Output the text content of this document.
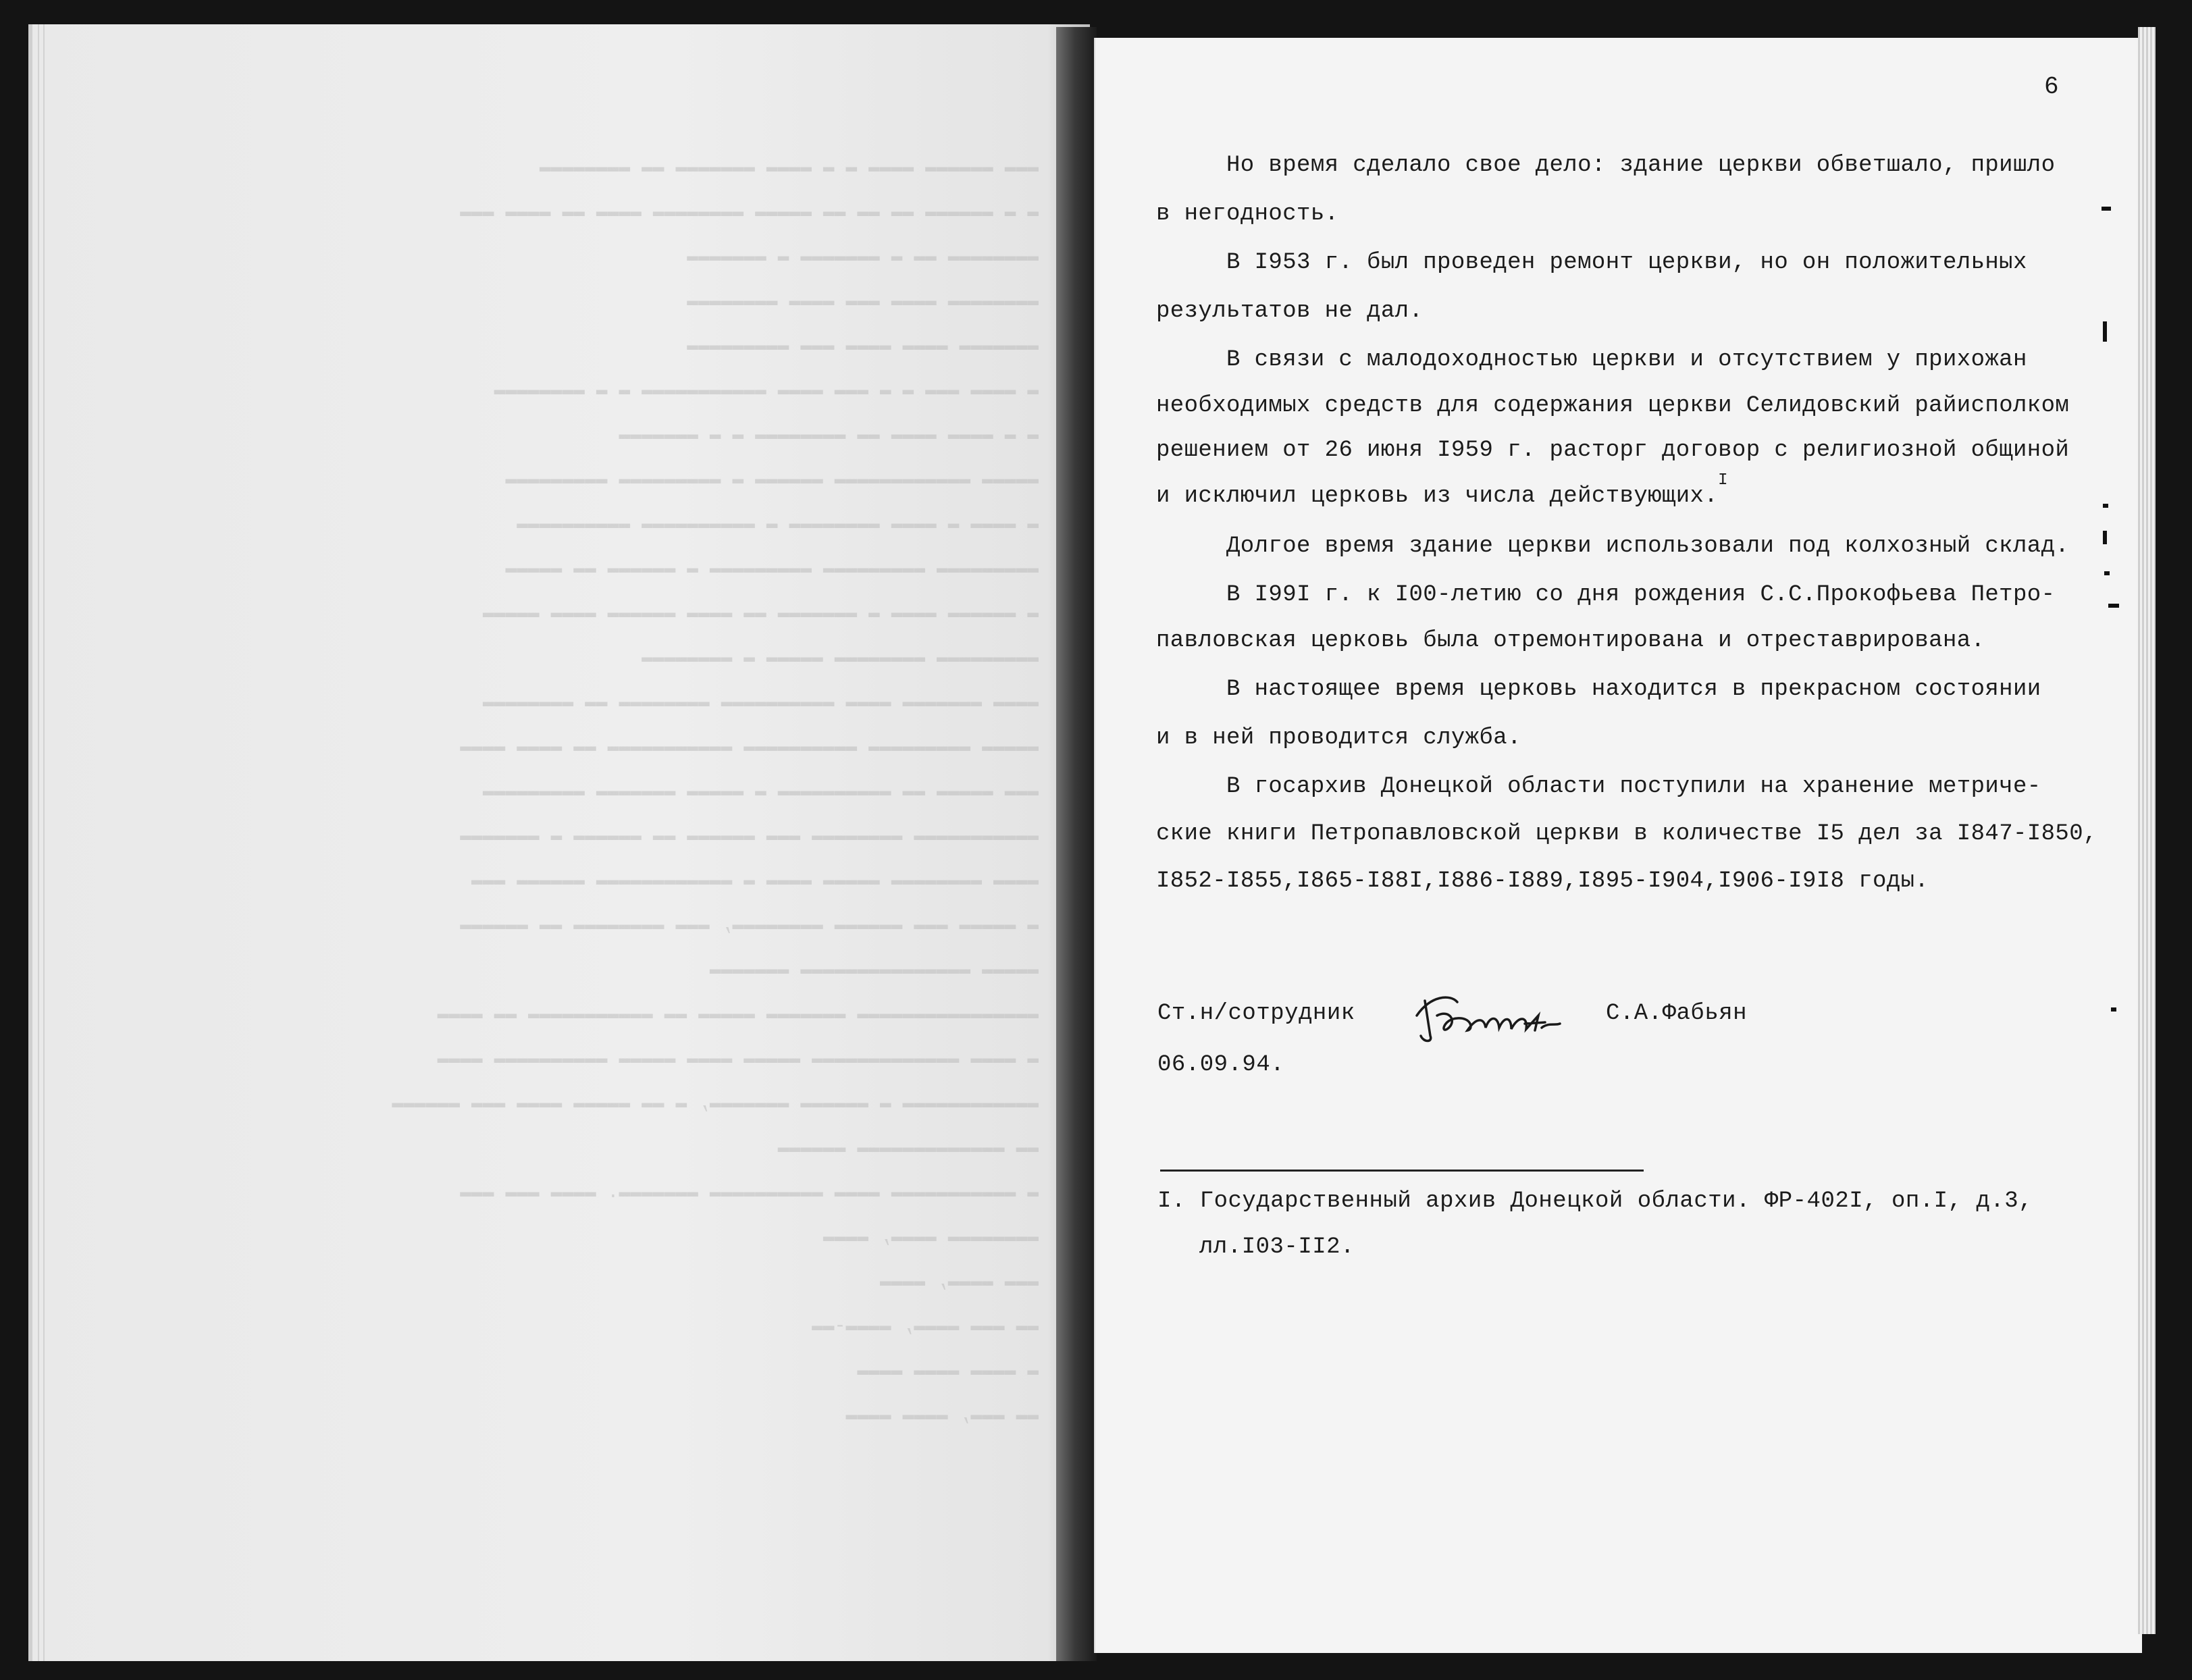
▬▬▬ ▬▬▬▬▬▬ ▬▬▬▬ ▬ ▬ ▬▬▬▬ ▬▬▬▬▬▬▬ ▬▬ ▬▬▬▬▬▬▬▬
▬ ▬ ▬▬▬▬▬▬ ▬▬ ▬▬ ▬▬ ▬▬▬▬▬ ▬▬▬▬▬▬▬▬ ▬▬▬▬ ▬▬ ▬▬▬▬ ▬▬▬
▬▬▬▬▬▬▬▬ ▬▬ ▬ ▬▬▬▬▬▬▬ ▬ ▬▬▬▬▬▬▬
▬▬▬▬▬▬▬▬ ▬▬▬▬ ▬▬▬ ▬▬▬▬ ▬▬▬▬▬▬▬▬
▬▬▬▬▬▬▬ ▬▬▬▬ ▬▬▬▬ ▬▬▬ ▬▬▬▬▬▬▬▬▬
▬ ▬▬▬▬ ▬▬▬ ▬ ▬ ▬▬▬ ▬▬▬▬ ▬▬▬▬▬▬▬▬▬▬▬ ▬ ▬ ▬▬▬▬▬▬▬▬
▬ ▬ ▬▬▬▬ ▬▬▬▬ ▬▬ ▬▬▬▬▬▬▬▬ ▬ ▬ ▬▬▬▬▬▬▬
▬▬▬▬▬ ▬▬▬▬▬▬▬▬▬▬▬▬ ▬▬▬▬▬▬ ▬ ▬▬▬▬▬▬▬▬▬ ▬▬▬▬▬▬▬▬▬
▬ ▬▬▬▬ ▬ ▬▬▬▬ ▬▬▬▬▬▬▬▬ ▬ ▬▬▬▬▬▬▬▬▬▬ ▬▬▬▬▬▬▬▬▬▬
▬▬▬▬▬▬▬▬▬ ▬▬▬▬▬▬▬▬▬ ▬▬▬▬▬▬▬▬▬ ▬ ▬▬▬▬▬▬ ▬▬ ▬▬▬▬▬
▬ ▬▬▬▬▬▬ ▬▬▬▬ ▬ ▬▬▬▬▬▬▬ ▬▬ ▬▬▬▬ ▬▬▬▬▬▬ ▬▬▬▬ ▬▬▬▬▬
▬▬▬▬▬▬▬▬▬ ▬▬▬▬▬▬▬▬ ▬▬▬▬▬ ▬ ▬▬▬▬▬▬▬▬
▬▬▬▬ ▬▬▬▬▬▬▬ ▬▬▬▬ ▬▬▬▬▬▬▬▬▬▬ ▬▬▬▬▬▬▬▬ ▬▬ ▬▬▬▬▬▬▬▬
▬▬▬▬▬ ▬▬▬▬▬▬▬▬▬ ▬▬▬▬▬▬▬▬▬▬ ▬▬▬▬▬▬▬▬▬▬▬ ▬▬ ▬▬▬▬ ▬▬▬▬
▬▬▬ ▬▬▬▬▬ ▬▬ ▬▬▬▬▬▬▬▬▬▬ ▬ ▬▬▬▬▬ ▬▬▬▬▬▬▬ ▬▬▬▬▬▬▬▬▬
▬▬▬▬▬▬▬▬▬▬▬ ▬▬▬▬▬▬▬▬ ▬▬▬ ▬▬▬▬▬▬ ▬▬ ▬▬▬▬▬▬ ▬ ▬▬▬▬▬▬▬
▬▬▬▬ ▬▬▬▬▬▬▬▬ ▬▬▬▬▬ ▬▬▬▬ ▬ ▬▬▬▬▬▬▬▬▬▬▬▬ ▬▬▬▬▬▬ ▬▬▬
▬ ▬▬▬▬▬ ▬▬▬ ▬▬▬▬▬▬ ▬▬▬▬▬▬▬▬, ▬▬▬ ▬▬▬▬▬▬▬▬ ▬▬ ▬▬▬▬▬▬
▬▬▬▬▬ ▬▬▬▬▬▬▬▬▬▬▬▬▬▬▬ ▬▬▬▬▬▬▬
▬▬▬▬▬▬▬▬▬▬▬▬▬▬▬▬ ▬▬▬▬▬▬▬ ▬▬▬▬▬ ▬▬ ▬▬▬▬▬▬▬▬▬▬▬ ▬▬ ▬▬▬▬
▬ ▬▬▬▬ ▬▬▬▬▬▬▬▬▬▬▬▬▬ ▬▬▬▬▬ ▬▬▬▬ ▬▬▬▬▬ ▬▬▬▬▬▬▬▬▬▬ ▬▬▬▬
▬▬▬▬▬▬▬▬▬▬▬▬ ▬ ▬▬▬▬▬▬ ▬▬▬▬▬▬▬, ▬ ▬▬ ▬▬▬▬▬ ▬▬▬▬ ▬▬▬ ▬▬▬▬▬▬
▬▬ ▬▬▬▬▬▬▬▬▬▬▬▬▬ ▬▬▬▬▬▬
▬ ▬▬▬▬▬▬▬▬▬▬▬ ▬▬▬▬ ▬▬▬▬▬▬▬▬▬▬ ▬▬▬▬▬▬▬. ▬▬▬▬ ▬▬▬ ▬▬▬
▬▬▬▬▬▬▬▬ ▬▬▬▬, ▬▬▬▬
▬▬▬ ▬▬▬▬, ▬▬▬▬
▬▬ ▬▬▬ ▬▬▬▬, ▬▬▬▬-▬▬
▬ ▬▬▬▬ ▬▬▬▬ ▬▬▬▬
▬▬ ▬▬▬, ▬▬▬▬ ▬▬▬▬
6
Но время сделало свое дело: здание церкви обветшало, пришло
в негодность.
В I953 г. был проведен ремонт церкви, но он положительных
результатов не дал.
В связи с малодоходностью церкви и отсутствием у прихожан
необходимых средств для содержания церкви Селидовский райисполком
решением от 26 июня I959 г. расторг договор с религиозной общиной
и исключил церковь из числа действующих.$^I$
Долгое время здание церкви использовали под колхозный склад.
В I99I г. к I00-летию со дня рождения С.С.Прокофьева Петро-
павловская церковь была отремонтирована и отреставрирована.
В настоящее время церковь находится в прекрасном состоянии
и в ней проводится служба.
В госархив Донецкой области поступили на хранение метриче-
ские книги Петропавловской церкви в количестве I5 дел за I847-I850,
I852-I855,I865-I88I,I886-I889,I895-I904,I906-I9I8 годы.
Ст.н/сотрудник	С.А.Фабьян
06.09.94.
I. Государственный архив Донецкой области. ФР-402I, оп.I, д.3,
лл.I03-II2.
